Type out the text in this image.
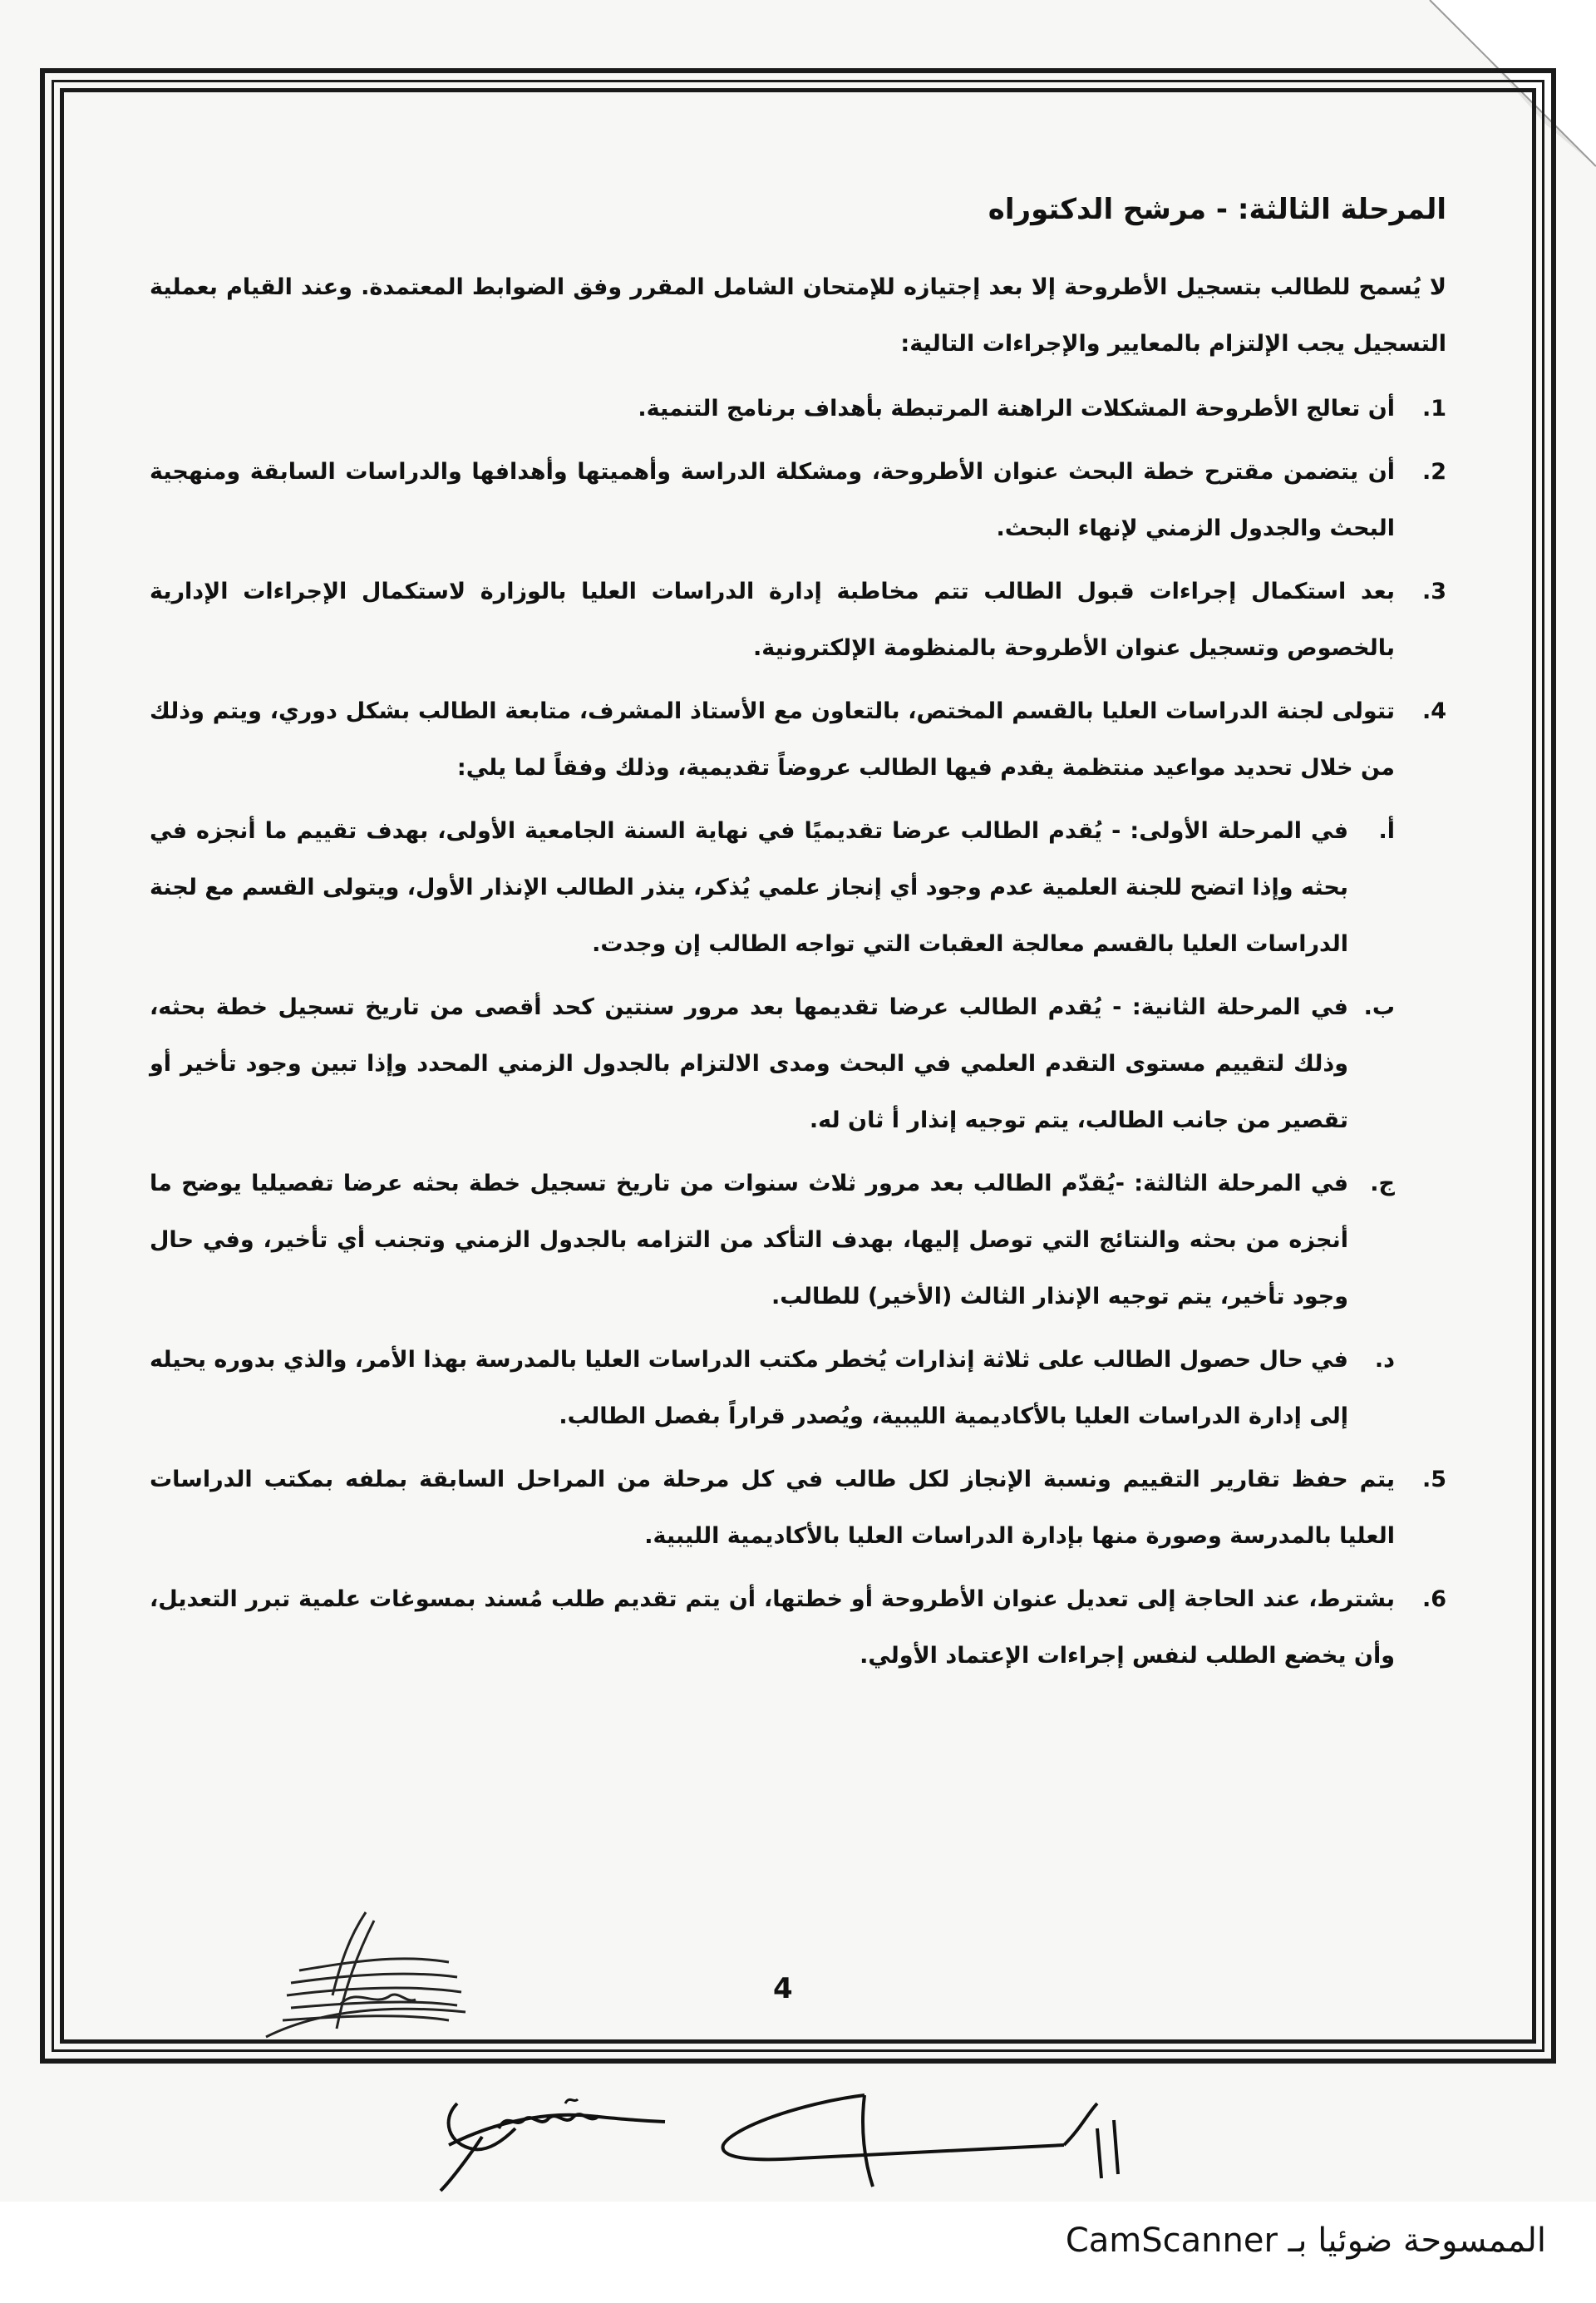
المرحلة الثالثة: - مرشح الدكتوراه

لا يُسمح للطالب بتسجيل الأطروحة إلا بعد إجتيازه للإمتحان الشامل المقرر وفق الضوابط المعتمدة. وعند القيام بعملية التسجيل يجب الإلتزام بالمعايير والإجراءات التالية:

1.
أن تعالج الأطروحة المشكلات الراهنة المرتبطة بأهداف برنامج التنمية.
2.
أن يتضمن مقترح خطة البحث عنوان الأطروحة، ومشكلة الدراسة وأهميتها وأهدافها والدراسات السابقة ومنهجية البحث والجدول الزمني لإنهاء البحث.
3.
بعد استكمال إجراءات قبول الطالب تتم مخاطبة إدارة الدراسات العليا بالوزارة لاستكمال الإجراءات الإدارية بالخصوص وتسجيل عنوان الأطروحة بالمنظومة الإلكترونية.
4.
تتولى لجنة الدراسات العليا بالقسم المختص، بالتعاون مع الأستاذ المشرف، متابعة الطالب بشكل دوري، ويتم وذلك من خلال تحديد مواعيد منتظمة يقدم فيها الطالب عروضاً تقديمية، وذلك وفقاً لما يلي:
أ.
في المرحلة الأولى: - يُقدم الطالب عرضا تقديميًا في نهاية السنة الجامعية الأولى، بهدف تقييم ما أنجزه في بحثه وإذا اتضح للجنة العلمية عدم وجود أي إنجاز علمي يُذكر، ينذر الطالب الإنذار الأول، ويتولى القسم مع لجنة الدراسات العليا بالقسم معالجة العقبات التي تواجه الطالب إن وجدت.
ب.
في المرحلة الثانية: - يُقدم الطالب عرضا تقديمها بعد مرور سنتين كحد أقصى من تاريخ تسجيل خطة بحثه، وذلك لتقييم مستوى التقدم العلمي في البحث ومدى الالتزام بالجدول الزمني المحدد وإذا تبين وجود تأخير أو تقصير من جانب الطالب، يتم توجيه إنذار أ ثان له.
ج.
في المرحلة الثالثة: -يُقدّم الطالب بعد مرور ثلاث سنوات من تاريخ تسجيل خطة بحثه عرضا تفصيليا يوضح ما أنجزه من بحثه والنتائج التي توصل إليها، بهدف التأكد من التزامه بالجدول الزمني وتجنب أي تأخير، وفي حال وجود تأخير، يتم توجيه الإنذار الثالث (الأخير) للطالب.
د.
في حال حصول الطالب على ثلاثة إنذارات يُخطر مكتب الدراسات العليا بالمدرسة بهذا الأمر، والذي بدوره يحيله إلى إدارة الدراسات العليا بالأكاديمية الليبية، ويُصدر قراراً بفصل الطالب.
5.
يتم حفظ تقارير التقييم ونسبة الإنجاز لكل طالب في كل مرحلة من المراحل السابقة بملفه بمكتب الدراسات العليا بالمدرسة وصورة منها بإدارة الدراسات العليا بالأكاديمية الليبية.
6.
بشترط، عند الحاجة إلى تعديل عنوان الأطروحة أو خطتها، أن يتم تقديم طلب مُسند بمسوغات علمية تبرر التعديل، وأن يخضع الطلب لنفس إجراءات الإعتماد الأولي.
4
الممسوحة ضوئيا بـ CamScanner
